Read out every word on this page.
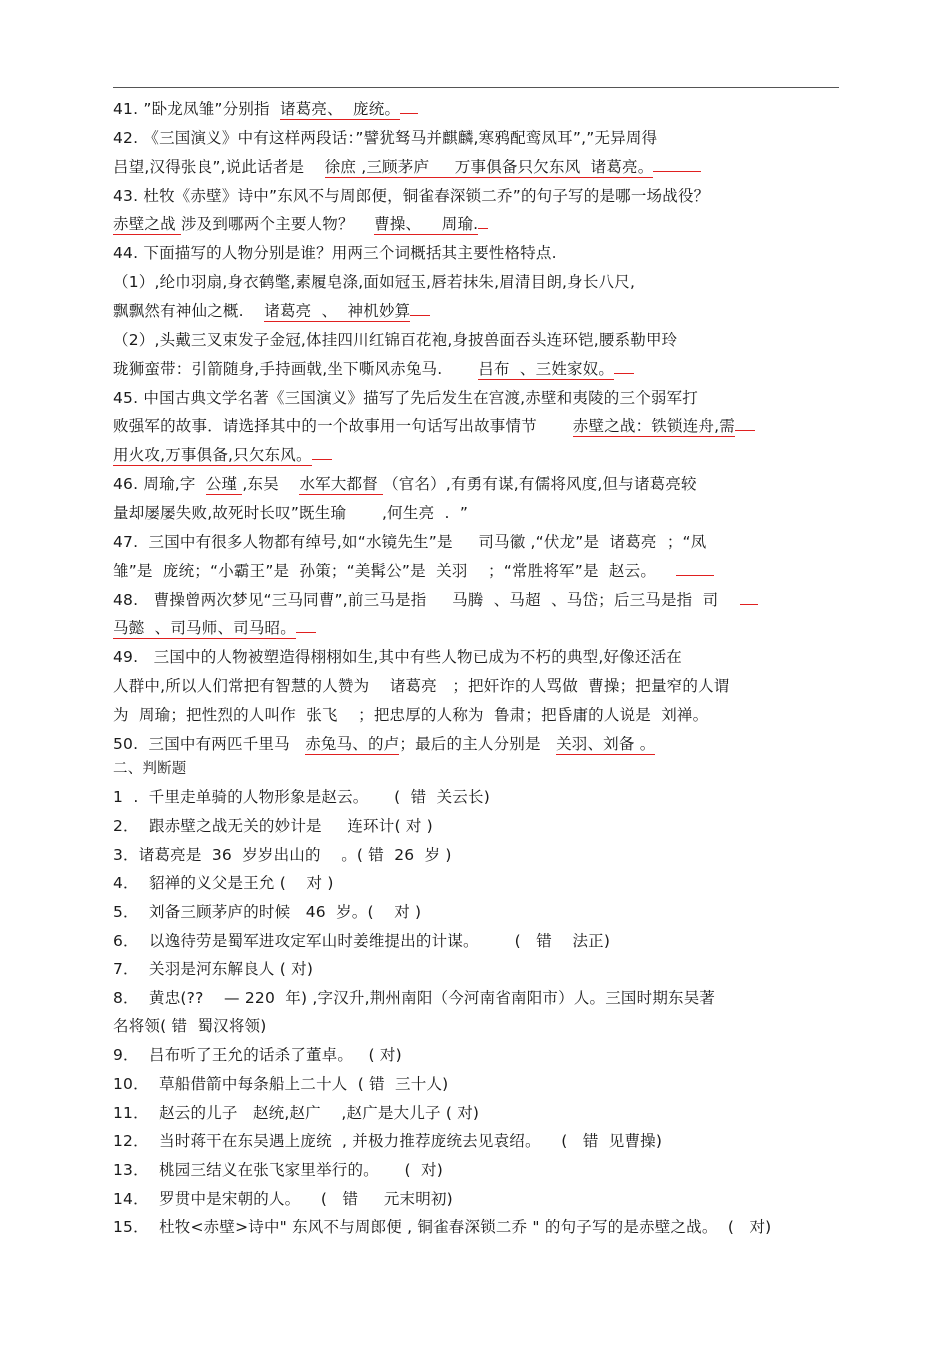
41. ”卧龙凤雏”分别指  诸葛亮、  庞统。
42. 《三国演义》中有这样两段话：”譬犹驽马并麒麟,寒鸦配鸾凤耳”,”无异周得
吕望,汉得张良”,说此话者是    徐庶 ,三顾茅庐     万事俱备只欠东风  诸葛亮。
43. 杜牧《赤壁》诗中”东风不与周郎便，铜雀春深锁二乔”的句子写的是哪一场战役？
赤壁之战 涉及到哪两个主要人物？    曹操、    周瑜.
44. 下面描写的人物分别是谁？用两三个词概括其主要性格特点.
（1）,纶巾羽扇,身衣鹤氅,素履皂涤,面如冠玉,唇若抹朱,眉清目朗,身长八尺,
飘飘然有神仙之概.    诸葛亮  、  神机妙算
（2）,头戴三叉束发子金冠,体挂四川红锦百花袍,身披兽面吞头连环铠,腰系勒甲玲
珑狮蛮带：引箭随身,手持画戟,坐下嘶风赤兔马.       吕布  、三姓家奴。
45. 中国古典文学名著《三国演义》描写了先后发生在宫渡,赤壁和夷陵的三个弱军打
败强军的故事．请选择其中的一个故事用一句话写出故事情节       赤壁之战：铁锁连舟,需
用火攻,万事俱备,只欠东风。
46. 周瑜,字  公瑾 ,东吴    水军大都督 （官名）,有勇有谋,有儒将风度,但与诸葛亮较
量却屡屡失败,故死时长叹”既生瑜       ,何生亮  .  ”
47.  三国中有很多人物都有绰号,如“水镜先生”是     司马徽 ,“伏龙”是  诸葛亮  ；“凤
雏”是  庞统；“小霸王”是  孙策；“美髯公”是  关羽    ；“常胜将军”是  赵云。
48.   曹操曾两次梦见“三马同曹”,前三马是指     马腾  、马超  、马岱；后三马是指  司
马懿  、司马师、司马昭。
49.   三国中的人物被塑造得栩栩如生,其中有些人物已成为不朽的典型,好像还活在
人群中,所以人们常把有智慧的人赞为    诸葛亮   ；把奸诈的人骂做  曹操；把量窄的人谓
为  周瑜；把性烈的人叫作  张飞    ；把忠厚的人称为  鲁肃；把昏庸的人说是  刘禅。
50.  三国中有两匹千里马   赤兔马、的卢；最后的主人分别是   关羽、刘备 。
二、判断题
1  .  千里走单骑的人物形象是赵云。     (  错  关云长)
2．  跟赤壁之战无关的妙计是     连环计( 对 )
3．诸葛亮是  36  岁岁出山的    。( 错  26  岁 )
4．  貂禅的义父是王允 (    对 )
5．  刘备三顾茅庐的时候   46  岁。(    对 )
6．  以逸待劳是蜀军进攻定军山时姜维提出的计谋。       (   错    法正)
7．  关羽是河东解良人 ( 对)
8．  黄忠(??    — 220  年) ,字汉升,荆州南阳（今河南省南阳市）人。三国时期东吴著
名将领( 错  蜀汉将领)
9．  吕布听了王允的话杀了董卓。   ( 对)
10．  草船借箭中每条船上二十人  ( 错  三十人)
11．  赵云的儿子   赵统,赵广    ,赵广是大儿子 ( 对)
12．  当时蒋干在东吴遇上庞统  , 并极力推荐庞统去见袁绍。    (   错  见曹操)
13．  桃园三结义在张飞家里举行的。     (  对)
14．  罗贯中是宋朝的人。    (   错     元末明初)
15．  杜牧<赤壁>诗中" 东风不与周郎便 , 铜雀春深锁二乔 " 的句子写的是赤壁之战。  (   对)
